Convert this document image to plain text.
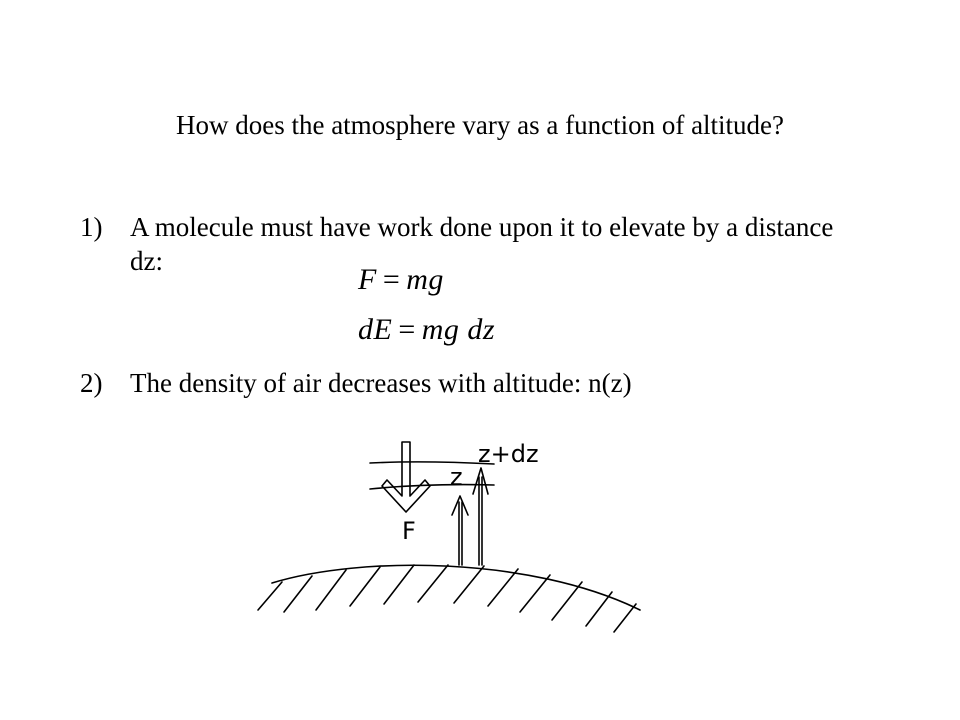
How does the atmosphere vary as a function of altitude?
1) A molecule must have work done upon it to elevate by a distance dz:
F = mg
dE = mg dz
2) The density of air decreases with altitude: n(z)
z+dz
z
F
